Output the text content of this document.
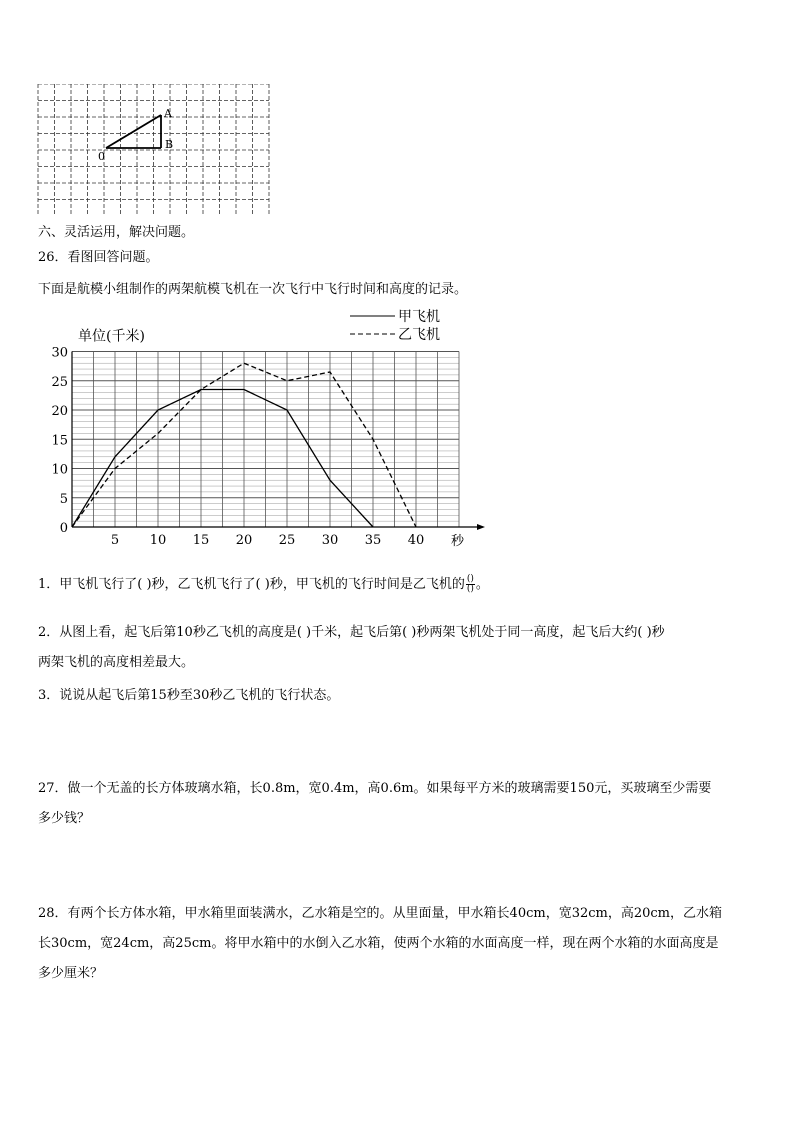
A
B
0
六、灵活运用，解决问题。
26．看图回答问题。
下面是航模小组制作的两架航模飞机在一次飞行中飞行时间和高度的记录。
0
5
10
15
20
25
30
5 10 15 20 25 30 35 40
单位(千米)
秒
甲飞机
乙飞机
1．甲飞机飞行了( )秒，乙飞机飞行了( )秒，甲飞机的飞行时间是乙飞机的 $\frac{()}{()}$ 。
2．从图上看，起飞后第10秒乙飞机的高度是( )千米，起飞后第( )秒两架飞机处于同一高度，起飞后大约( )秒
两架飞机的高度相差最大。
3．说说从起飞后第15秒至30秒乙飞机的飞行状态。
27．做一个无盖的长方体玻璃水箱，长0.8m，宽0.4m，高0.6m。如果每平方米的玻璃需要150元，买玻璃至少需要
多少钱？
28．有两个长方体水箱，甲水箱里面装满水，乙水箱是空的。从里面量，甲水箱长40cm，宽32cm，高20cm，乙水箱
长30cm，宽24cm，高25cm。将甲水箱中的水倒入乙水箱，使两个水箱的水面高度一样，现在两个水箱的水面高度是
多少厘米？
